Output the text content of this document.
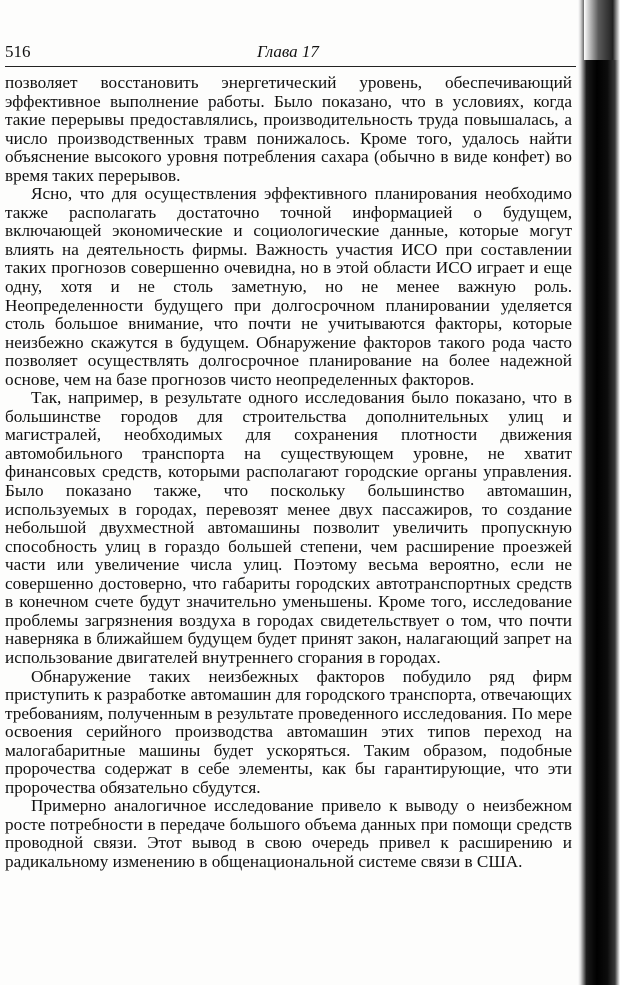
516	Глава 17

позволяет восстановить энергетический уровень, обеспечивающий эффективное выполнение работы. Было показано, что в условиях, когда такие перерывы предоставлялись, производительность труда повышалась, а число производственных травм понижалось. Кроме того, удалось найти объяснение высокого уровня потребления сахара (обычно в виде конфет) во время таких перерывов.

Ясно, что для осуществления эффективного планирования необходимо также располагать достаточно точной информацией о будущем, включающей экономические и социологические данные, которые могут влиять на деятельность фирмы. Важность участия ИСО при составлении таких прогнозов совершенно очевидна, но в этой области ИСО играет и еще одну, хотя и не столь заметную, но не менее важную роль. Неопределенности будущего при долгосрочном планировании уделяется столь большое внимание, что почти не учитываются факторы, которые неизбежно скажутся в будущем. Обнаружение факторов такого рода часто позволяет осуществлять долгосрочное планирование на более надежной основе, чем на базе прогнозов чисто неопределенных факторов.

Так, например, в результате одного исследования было показано, что в большинстве городов для строительства дополнительных улиц и магистралей, необходимых для сохранения плотности движения автомобильного транспорта на существующем уровне, не хватит финансовых средств, которыми располагают городские органы управления. Было показано также, что поскольку большинство автомашин, используемых в городах, перевозят менее двух пассажиров, то создание небольшой двухместной автомашины позволит увеличить пропускную способность улиц в гораздо большей степени, чем расширение проезжей части или увеличение числа улиц. Поэтому весьма вероятно, если не совершенно достоверно, что габариты городских автотранспортных средств в конечном счете будут значительно уменьшены. Кроме того, исследование проблемы загрязнения воздуха в городах свидетельствует о том, что почти наверняка в ближайшем будущем будет принят закон, налагающий запрет на использование двигателей внутреннего сгорания в городах.

Обнаружение таких неизбежных факторов побудило ряд фирм приступить к разработке автомашин для городского транспорта, отвечающих требованиям, полученным в результате проведенного исследования. По мере освоения серийного производства автомашин этих типов переход на малогабаритные машины будет ускоряться. Таким образом, подобные пророчества содержат в себе элементы, как бы гарантирующие, что эти пророчества обязательно сбудутся.

Примерно аналогичное исследование привело к выводу о неизбежном росте потребности в передаче большого объема данных при помощи средств проводной связи. Этот вывод в свою очередь привел к расширению и радикальному изменению в общенациональной системе связи в США.
